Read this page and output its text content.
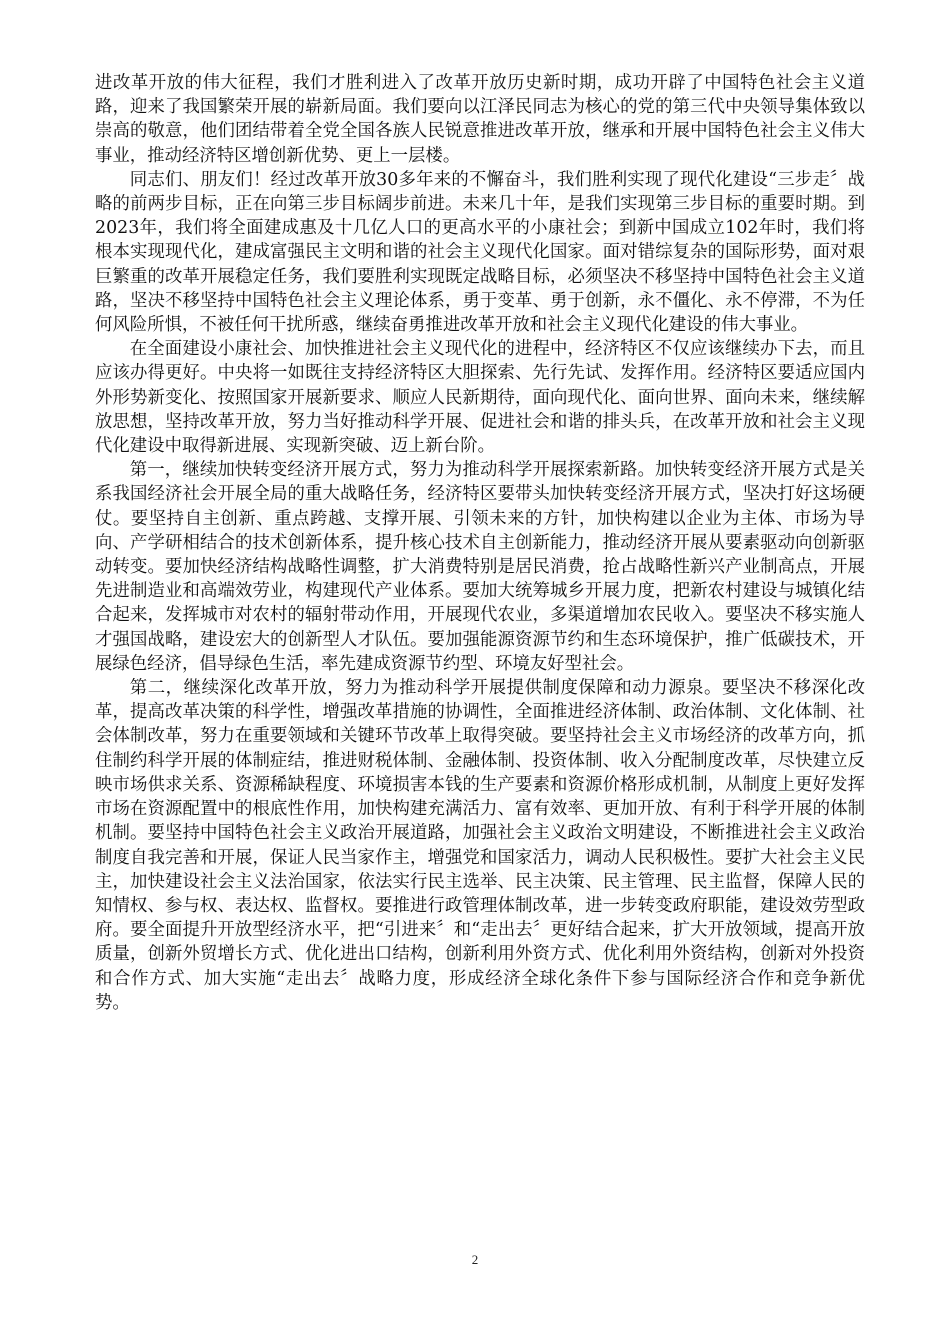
进改革开放的伟大征程，我们才胜利进入了改革开放历史新时期，成功开辟了中国特色社会主义道路，迎来了我国繁荣开展的崭新局面。我们要向以江泽民同志为核心的党的第三代中央领导集体致以崇高的敬意，他们团结带着全党全国各族人民锐意推进改革开放，继承和开展中国特色社会主义伟大事业，推动经济特区增创新优势、更上一层楼。

同志们、朋友们！经过改革开放30多年来的不懈奋斗，我们胜利实现了现代化建设“三步走〞战略的前两步目标，正在向第三步目标阔步前进。未来几十年，是我们实现第三步目标的重要时期。到2023年，我们将全面建成惠及十几亿人口的更高水平的小康社会；到新中国成立102年时，我们将根本实现现代化，建成富强民主文明和谐的社会主义现代化国家。面对错综复杂的国际形势，面对艰巨繁重的改革开展稳定任务，我们要胜利实现既定战略目标，必须坚决不移坚持中国特色社会主义道路，坚决不移坚持中国特色社会主义理论体系，勇于变革、勇于创新，永不僵化、永不停滞，不为任何风险所惧，不被任何干扰所惑，继续奋勇推进改革开放和社会主义现代化建设的伟大事业。

在全面建设小康社会、加快推进社会主义现代化的进程中，经济特区不仅应该继续办下去，而且应该办得更好。中央将一如既往支持经济特区大胆探索、先行先试、发挥作用。经济特区要适应国内外形势新变化、按照国家开展新要求、顺应人民新期待，面向现代化、面向世界、面向未来，继续解放思想，坚持改革开放，努力当好推动科学开展、促进社会和谐的排头兵，在改革开放和社会主义现代化建设中取得新进展、实现新突破、迈上新台阶。

第一，继续加快转变经济开展方式，努力为推动科学开展探索新路。加快转变经济开展方式是关系我国经济社会开展全局的重大战略任务，经济特区要带头加快转变经济开展方式，坚决打好这场硬仗。要坚持自主创新、重点跨越、支撑开展、引领未来的方针，加快构建以企业为主体、市场为导向、产学研相结合的技术创新体系，提升核心技术自主创新能力，推动经济开展从要素驱动向创新驱动转变。要加快经济结构战略性调整，扩大消费特别是居民消费，抢占战略性新兴产业制高点，开展先进制造业和高端效劳业，构建现代产业体系。要加大统筹城乡开展力度，把新农村建设与城镇化结合起来，发挥城市对农村的辐射带动作用，开展现代农业，多渠道增加农民收入。要坚决不移实施人才强国战略，建设宏大的创新型人才队伍。要加强能源资源节约和生态环境保护，推广低碳技术，开展绿色经济，倡导绿色生活，率先建成资源节约型、环境友好型社会。

第二，继续深化改革开放，努力为推动科学开展提供制度保障和动力源泉。要坚决不移深化改革，提高改革决策的科学性，增强改革措施的协调性，全面推进经济体制、政治体制、文化体制、社会体制改革，努力在重要领域和关键环节改革上取得突破。要坚持社会主义市场经济的改革方向，抓住制约科学开展的体制症结，推进财税体制、金融体制、投资体制、收入分配制度改革，尽快建立反映市场供求关系、资源稀缺程度、环境损害本钱的生产要素和资源价格形成机制，从制度上更好发挥市场在资源配置中的根底性作用，加快构建充满活力、富有效率、更加开放、有利于科学开展的体制机制。要坚持中国特色社会主义政治开展道路，加强社会主义政治文明建设，不断推进社会主义政治制度自我完善和开展，保证人民当家作主，增强党和国家活力，调动人民积极性。要扩大社会主义民主，加快建设社会主义法治国家，依法实行民主选举、民主决策、民主管理、民主监督，保障人民的知情权、参与权、表达权、监督权。要推进行政管理体制改革，进一步转变政府职能，建设效劳型政府。要全面提升开放型经济水平，把“引进来〞和“走出去〞更好结合起来，扩大开放领域，提高开放质量，创新外贸增长方式、优化进出口结构，创新利用外资方式、优化利用外资结构，创新对外投资和合作方式、加大实施“走出去〞战略力度，形成经济全球化条件下参与国际经济合作和竞争新优势。

2
